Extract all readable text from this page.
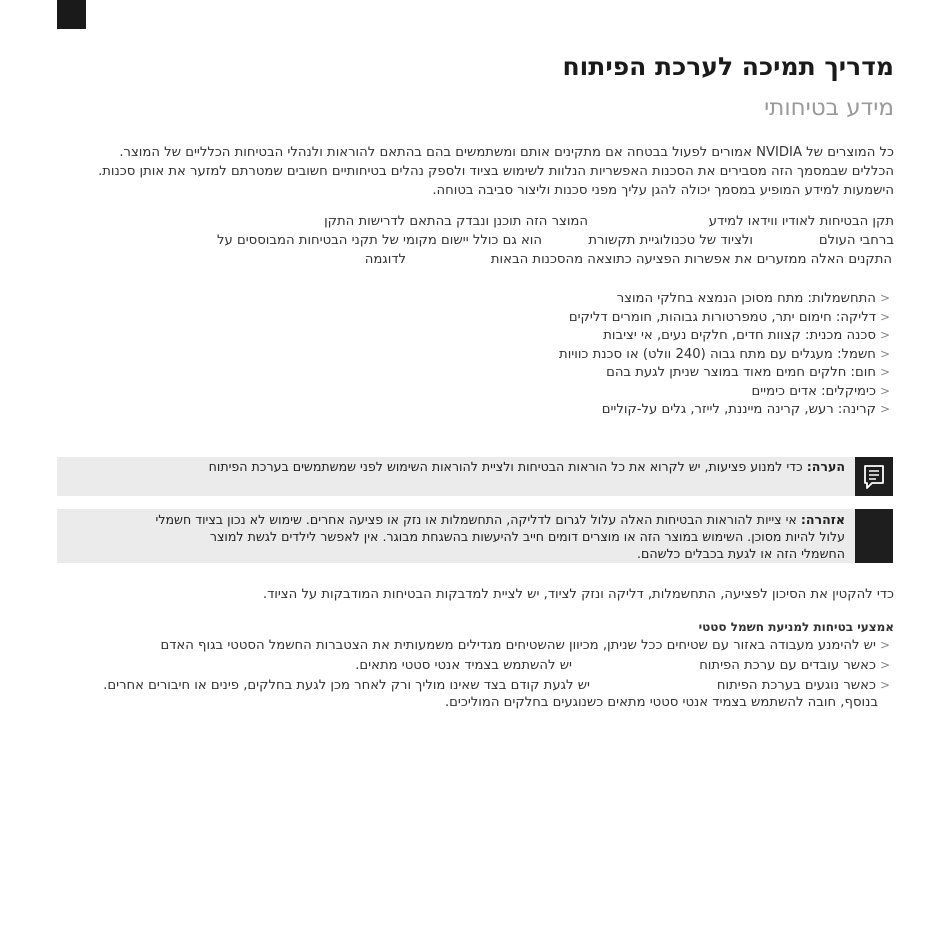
מדריך תמיכה לערכת הפיתוח
מידע בטיחותי
כל המוצרים של NVIDIA אמורים לפעול בבטחה אם מתקינים אותם ומשתמשים בהם בהתאם להוראות ולנהלי הבטיחות הכלליים של המוצר.
הכללים שבמסמך הזה מסבירים את הסכנות האפשריות הנלוות לשימוש בציוד ולספק נהלים בטיחותיים חשובים שמטרתם למזער את אותן סכנות.
הישמעות למידע המופיע במסמך יכולה להגן עליך מפני סכנות וליצור סביבה בטוחה.
תקן הבטיחות לאודיו ווידאו למידע
המוצר הזה תוכנן ונבדק בהתאם לדרישות התקן
ברחבי העולם
ולציוד של טכנולוגיית תקשורת
הוא גם כולל יישום מקומי של תקני הבטיחות המבוססים על
התקנים האלה ממזערים את אפשרות הפציעה כתוצאה מהסכנות הבאות
לדוגמה
<התחשמלות: מתח מסוכן הנמצא בחלקי המוצר
<דליקה: חימום יתר, טמפרטורות גבוהות, חומרים דליקים
<סכנה מכנית: קצוות חדים, חלקים נעים, אי יציבות
<חשמל: מעגלים עם מתח גבוה (240 וולט) או סכנת כוויות
<חום: חלקים חמים מאוד במוצר שניתן לגעת בהם
<כימיקלים: אדים כימיים
<קרינה: רעש, קרינה מייננת, לייזר, גלים על-קוליים
הערה: כדי למנוע פציעות, יש לקרוא את כל הוראות הבטיחות ולציית להוראות השימוש לפני שמשתמשים בערכת הפיתוח
אזהרה: אי צייות להוראות הבטיחות האלה עלול לגרום לדליקה, התחשמלות או נזק או פציעה אחרים. שימוש לא נכון בציוד חשמלי
עלול להיות מסוכן. השימוש במוצר הזה או מוצרים דומים חייב להיעשות בהשגחת מבוגר. אין לאפשר לילדים לגשת למוצר
החשמלי הזה או לגעת בכבלים כלשהם.
כדי להקטין את הסיכון לפציעה, התחשמלות, דליקה ונזק לציוד, יש לציית למדבקות הבטיחות המודבקות על הציוד.
אמצעי בטיחות למניעת חשמל סטטי
<יש להימנע מעבודה באזור עם שטיחים ככל שניתן, מכיוון שהשטיחים מגדילים משמעותית את הצטברות החשמל הסטטי בגוף האדם
<כאשר עובדים עם ערכת הפיתוח
יש להשתמש בצמיד אנטי סטטי מתאים.
<כאשר נוגעים בערכת הפיתוח
יש לגעת קודם בצד שאינו מוליך ורק לאחר מכן לגעת בחלקים, פינים או חיבורים אחרים.
בנוסף, חובה להשתמש בצמיד אנטי סטטי מתאים כשנוגעים בחלקים המוליכים.
